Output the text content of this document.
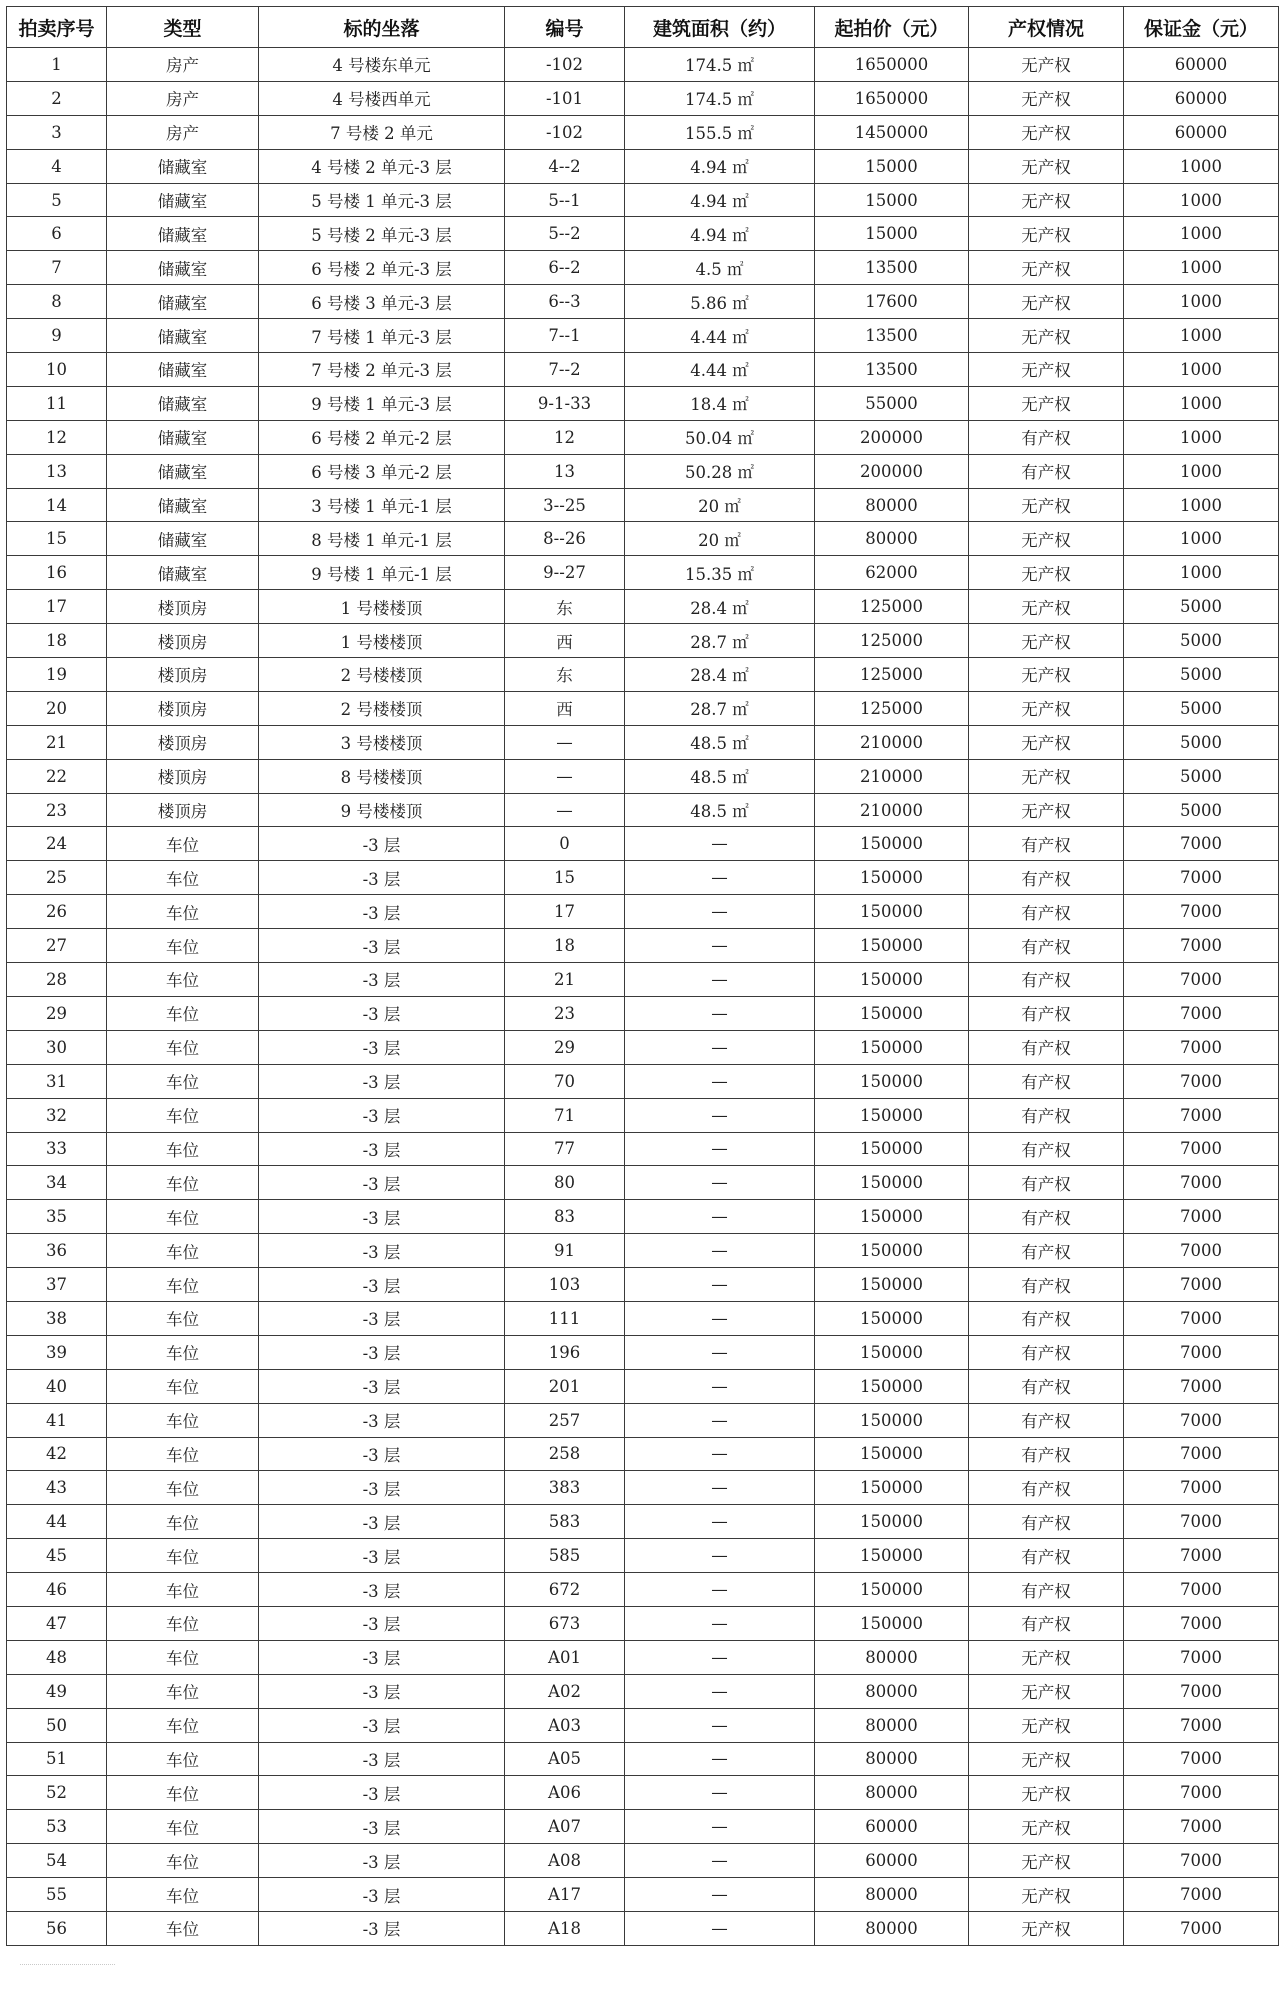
拍卖序号	类型	标的坐落	编号	建筑面积（约）	起拍价（元）	产权情况	保证金（元）
1	房产	4 号楼东单元	-102	174.5 ㎡	1650000	无产权	60000
2	房产	4 号楼西单元	-101	174.5 ㎡	1650000	无产权	60000
3	房产	7 号楼 2 单元	-102	155.5 ㎡	1450000	无产权	60000
4	储藏室	4 号楼 2 单元-3 层	4--2	4.94 ㎡	15000	无产权	1000
5	储藏室	5 号楼 1 单元-3 层	5--1	4.94 ㎡	15000	无产权	1000
6	储藏室	5 号楼 2 单元-3 层	5--2	4.94 ㎡	15000	无产权	1000
7	储藏室	6 号楼 2 单元-3 层	6--2	4.5 ㎡	13500	无产权	1000
8	储藏室	6 号楼 3 单元-3 层	6--3	5.86 ㎡	17600	无产权	1000
9	储藏室	7 号楼 1 单元-3 层	7--1	4.44 ㎡	13500	无产权	1000
10	储藏室	7 号楼 2 单元-3 层	7--2	4.44 ㎡	13500	无产权	1000
11	储藏室	9 号楼 1 单元-3 层	9-1-33	18.4 ㎡	55000	无产权	1000
12	储藏室	6 号楼 2 单元-2 层	12	50.04 ㎡	200000	有产权	1000
13	储藏室	6 号楼 3 单元-2 层	13	50.28 ㎡	200000	有产权	1000
14	储藏室	3 号楼 1 单元-1 层	3--25	20 ㎡	80000	无产权	1000
15	储藏室	8 号楼 1 单元-1 层	8--26	20 ㎡	80000	无产权	1000
16	储藏室	9 号楼 1 单元-1 层	9--27	15.35 ㎡	62000	无产权	1000
17	楼顶房	1 号楼楼顶	东	28.4 ㎡	125000	无产权	5000
18	楼顶房	1 号楼楼顶	西	28.7 ㎡	125000	无产权	5000
19	楼顶房	2 号楼楼顶	东	28.4 ㎡	125000	无产权	5000
20	楼顶房	2 号楼楼顶	西	28.7 ㎡	125000	无产权	5000
21	楼顶房	3 号楼楼顶	—	48.5 ㎡	210000	无产权	5000
22	楼顶房	8 号楼楼顶	—	48.5 ㎡	210000	无产权	5000
23	楼顶房	9 号楼楼顶	—	48.5 ㎡	210000	无产权	5000
24	车位	-3 层	0	—	150000	有产权	7000
25	车位	-3 层	15	—	150000	有产权	7000
26	车位	-3 层	17	—	150000	有产权	7000
27	车位	-3 层	18	—	150000	有产权	7000
28	车位	-3 层	21	—	150000	有产权	7000
29	车位	-3 层	23	—	150000	有产权	7000
30	车位	-3 层	29	—	150000	有产权	7000
31	车位	-3 层	70	—	150000	有产权	7000
32	车位	-3 层	71	—	150000	有产权	7000
33	车位	-3 层	77	—	150000	有产权	7000
34	车位	-3 层	80	—	150000	有产权	7000
35	车位	-3 层	83	—	150000	有产权	7000
36	车位	-3 层	91	—	150000	有产权	7000
37	车位	-3 层	103	—	150000	有产权	7000
38	车位	-3 层	111	—	150000	有产权	7000
39	车位	-3 层	196	—	150000	有产权	7000
40	车位	-3 层	201	—	150000	有产权	7000
41	车位	-3 层	257	—	150000	有产权	7000
42	车位	-3 层	258	—	150000	有产权	7000
43	车位	-3 层	383	—	150000	有产权	7000
44	车位	-3 层	583	—	150000	有产权	7000
45	车位	-3 层	585	—	150000	有产权	7000
46	车位	-3 层	672	—	150000	有产权	7000
47	车位	-3 层	673	—	150000	有产权	7000
48	车位	-3 层	A01	—	80000	无产权	7000
49	车位	-3 层	A02	—	80000	无产权	7000
50	车位	-3 层	A03	—	80000	无产权	7000
51	车位	-3 层	A05	—	80000	无产权	7000
52	车位	-3 层	A06	—	80000	无产权	7000
53	车位	-3 层	A07	—	60000	无产权	7000
54	车位	-3 层	A08	—	60000	无产权	7000
55	车位	-3 层	A17	—	80000	无产权	7000
56	车位	-3 层	A18	—	80000	无产权	7000
